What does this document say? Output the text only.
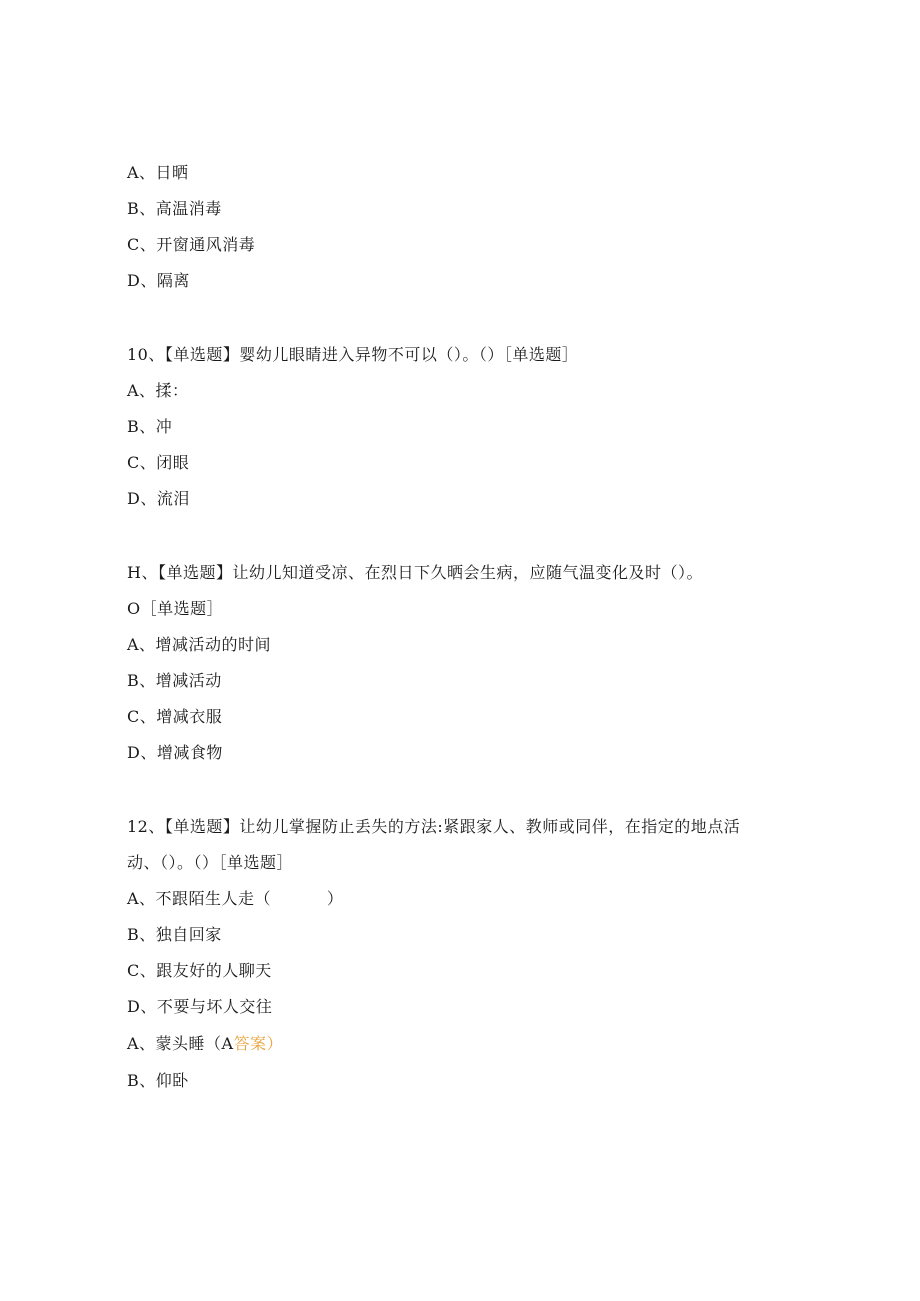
A、日晒
B、高温消毒
C、开窗通风消毒
D、隔离
10、【单选题】婴幼儿眼睛进入异物不可以（）。（）［单选题］
A、揉：
B、冲
C、闭眼
D、流泪
H、【单选题】让幼儿知道受凉、在烈日下久晒会生病，应随气温变化及时（）。
O［单选题］
A、增减活动的时间
B、增减活动
C、增减衣服
D、增减食物
12、【单选题】让幼儿掌握防止丢失的方法:紧跟家人、教师或同伴，在指定的地点活
动、（）。（）［单选题］
A、不跟陌生人走（          ）
B、独自回家
C、跟友好的人聊天
D、不要与坏人交往
A、蒙头睡（A答案）
B、仰卧
